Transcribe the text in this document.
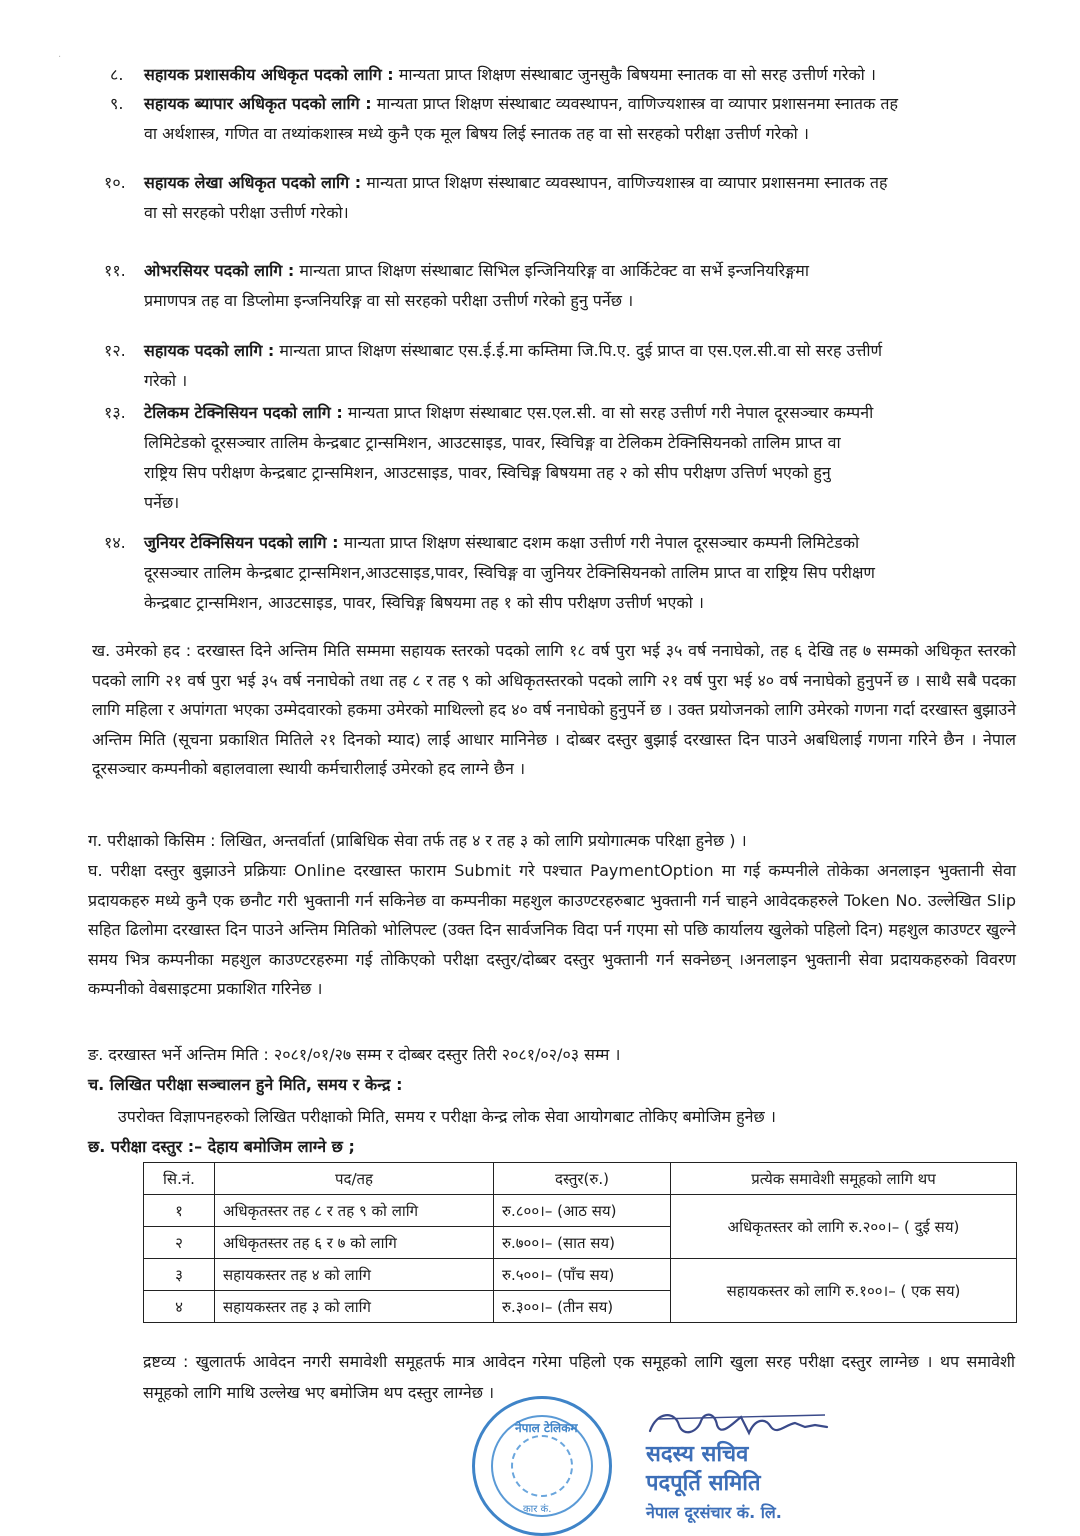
·
८.	सहायक प्रशासकीय अधिकृत पदको लागि : मान्यता प्राप्त शिक्षण संस्थाबाट जुनसुकै बिषयमा स्नातक वा सो सरह उत्तीर्ण गरेको ।
९.	सहायक ब्यापार अधिकृत पदको लागि : मान्यता प्राप्त शिक्षण संस्थाबाट व्यवस्थापन, वाणिज्यशास्त्र वा व्यापार प्रशासनमा स्नातक तह
वा अर्थशास्त्र, गणित वा तथ्यांकशास्त्र मध्ये कुनै एक मूल बिषय लिई स्नातक तह वा सो सरहको परीक्षा उत्तीर्ण गरेको ।
१०.	सहायक लेखा अधिकृत पदको लागि : मान्यता प्राप्त शिक्षण संस्थाबाट व्यवस्थापन, वाणिज्यशास्त्र वा व्यापार प्रशासनमा स्नातक तह
वा सो सरहको परीक्षा उत्तीर्ण गरेको।
११.	ओभरसियर पदको लागि : मान्यता प्राप्त शिक्षण संस्थाबाट सिभिल इन्जिनियरिङ्ग वा आर्किटेक्ट वा सर्भे इन्जनियरिङ्गमा
प्रमाणपत्र तह वा डिप्लोमा इन्जनियरिङ्ग वा सो सरहको परीक्षा उत्तीर्ण गरेको हुनु पर्नेछ ।
१२.	सहायक पदको लागि : मान्यता प्राप्त शिक्षण संस्थाबाट एस.ई.ई.मा कम्तिमा जि.पि.ए. दुई प्राप्त वा एस.एल.सी.वा सो सरह उत्तीर्ण
गरेको ।
१३.	टेलिकम टेक्निसियन पदको लागि : मान्यता प्राप्त शिक्षण संस्थाबाट एस.एल.सी. वा सो सरह उत्तीर्ण गरी नेपाल दूरसञ्चार कम्पनी
लिमिटेडको दूरसञ्चार तालिम केन्द्रबाट ट्रान्समिशन, आउटसाइड, पावर, स्विचिङ्ग वा टेलिकम टेक्निसियनको तालिम प्राप्त वा
राष्ट्रिय सिप परीक्षण केन्द्रबाट ट्रान्समिशन, आउटसाइड, पावर, स्विचिङ्ग बिषयमा तह २ को सीप परीक्षण उत्तिर्ण भएको हुनु
पर्नेछ।
१४.	जुनियर टेक्निसियन पदको लागि : मान्यता प्राप्त शिक्षण संस्थाबाट दशम कक्षा उत्तीर्ण गरी नेपाल दूरसञ्चार कम्पनी लिमिटेडको
दूरसञ्चार तालिम केन्द्रबाट ट्रान्समिशन,आउटसाइड,पावर, स्विचिङ्ग वा जुनियर टेक्निसियनको तालिम प्राप्त वा राष्ट्रिय सिप परीक्षण
केन्द्रबाट ट्रान्समिशन, आउटसाइड, पावर, स्विचिङ्ग बिषयमा तह १ को सीप परीक्षण उत्तीर्ण भएको ।
ख. उमेरको हद : दरखास्त दिने अन्तिम मिति सम्ममा सहायक स्तरको पदको लागि १८ वर्ष पुरा भई ३५ वर्ष ननाघेको, तह ६ देखि तह ७ सम्मको अधिकृत स्तरको पदको लागि २१ वर्ष पुरा भई ३५ वर्ष ननाघेको तथा तह ८ र तह ९ को अधिकृतस्तरको पदको लागि २१ वर्ष पुरा भई ४० वर्ष ननाघेको हुनुपर्ने छ । साथै सबै पदका लागि महिला र अपांगता भएका उम्मेदवारको हकमा उमेरको माथिल्लो हद ४० वर्ष ननाघेको हुनुपर्ने छ । उक्त प्रयोजनको लागि उमेरको गणना गर्दा दरखास्त बुझाउने अन्तिम मिति (सूचना प्रकाशित मितिले २१ दिनको म्याद) लाई आधार मानिनेछ । दोब्बर दस्तुर बुझाई दरखास्त दिन पाउने अबधिलाई गणना गरिने छैन । नेपाल दूरसञ्चार कम्पनीको बहालवाला स्थायी कर्मचारीलाई उमेरको हद लाग्ने छैन ।
ग. परीक्षाको किसिम : लिखित, अन्तर्वार्ता (प्राबिधिक सेवा तर्फ तह ४ र तह ३ को लागि प्रयोगात्मक परिक्षा हुनेछ ) ।
घ. परीक्षा दस्तुर बुझाउने प्रक्रियाः Online दरखास्त फाराम Submit गरे पश्चात PaymentOption मा गई कम्पनीले तोकेका अनलाइन भुक्तानी सेवा प्रदायकहरु मध्ये कुनै एक छनौट गरी भुक्तानी गर्न सकिनेछ वा कम्पनीका महशुल काउण्टरहरुबाट भुक्तानी गर्न चाहने आवेदकहरुले Token No. उल्लेखित Slip सहित ढिलोमा दरखास्त दिन पाउने अन्तिम मितिको भोलिपल्ट (उक्त दिन सार्वजनिक विदा पर्न गएमा सो पछि कार्यालय खुलेको पहिलो दिन) महशुल काउण्टर खुल्ने समय भित्र कम्पनीका महशुल काउण्टरहरुमा गई तोकिएको परीक्षा दस्तुर/दोब्बर दस्तुर भुक्तानी गर्न सक्नेछन् ।अनलाइन भुक्तानी सेवा प्रदायकहरुको विवरण कम्पनीको वेबसाइटमा प्रकाशित गरिनेछ ।
ङ. दरखास्त भर्ने अन्तिम मिति : २०८१/०१/२७ सम्म र दोब्बर दस्तुर तिरी २०८१/०२/०३ सम्म ।
च. लिखित परीक्षा सञ्चालन हुने मिति, समय र केन्द्र :
उपरोक्त विज्ञापनहरुको लिखित परीक्षाको मिति, समय र परीक्षा केन्द्र लोक सेवा आयोगबाट तोकिए बमोजिम हुनेछ ।
छ. परीक्षा दस्तुर :– देहाय बमोजिम लाग्ने छ ;
सि.नं.	पद/तह	दस्तुर(रु.)	प्रत्येक समावेशी समूहको लागि थप
१	अधिकृतस्तर तह ८ र तह ९ को लागि	रु.८००।– (आठ सय)	अधिकृतस्तर को लागि रु.२००।– ( दुई सय)
२	अधिकृतस्तर तह ६ र ७ को लागि	रु.७००।– (सात सय)	
३	सहायकस्तर तह ४ को लागि	रु.५००।– (पाँच सय)	सहायकस्तर को लागि रु.१००।– ( एक सय)
४	सहायकस्तर तह ३ को लागि	रु.३००।– (तीन सय)	
द्रष्टव्य : खुलातर्फ आवेदन नगरी समावेशी समूहतर्फ मात्र आवेदन गरेमा पहिलो एक समूहको लागि खुला सरह परीक्षा दस्तुर लाग्नेछ । थप समावेशी समूहको लागि माथि उल्लेख भए बमोजिम थप दस्तुर लाग्नेछ ।
नेपाल टेलिकम
कार कं.
सदस्य सचिव
पदपूर्ति समिति
नेपाल दूरसंचार कं. लि.
